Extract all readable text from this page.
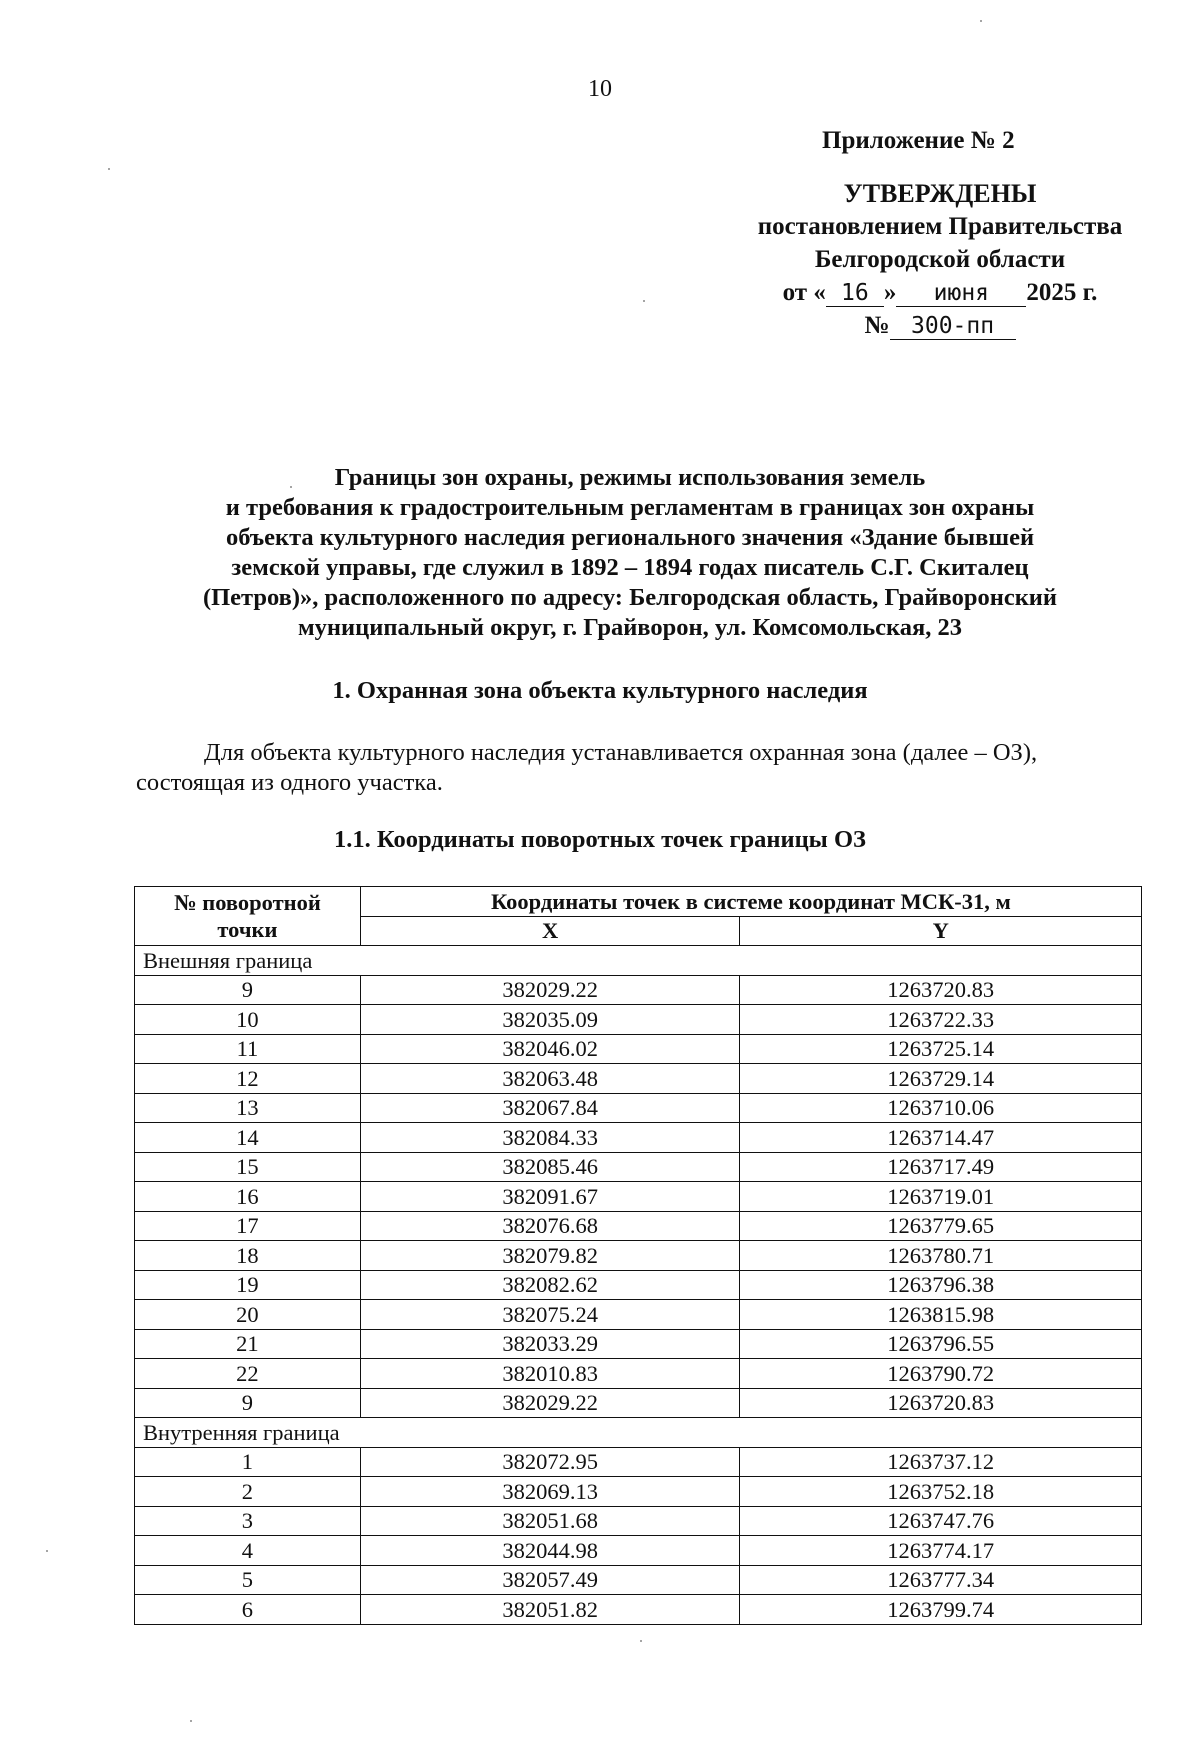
10
Приложение № 2
УТВЕРЖДЕНЫ
постановлением Правительства
Белгородской области
от « 16 » июня 2025 г.
№ 300-пп
Границы зон охраны, режимы использования земель
и требования к градостроительным регламентам в границах зон охраны
объекта культурного наследия регионального значения «Здание бывшей
земской управы, где служил в 1892 – 1894 годах писатель С.Г. Скиталец
(Петров)», расположенного по адресу: Белгородская область, Грайворонский
муниципальный округ, г. Грайворон, ул. Комсомольская, 23
1. Охранная зона объекта культурного наследия
Для объекта культурного наследия устанавливается охранная зона (далее – ОЗ),
состоящая из одного участка.
1.1. Координаты поворотных точек границы ОЗ
№ поворотной
точки	Координаты точек в системе координат МСК-31, м	
	X	Y
Внешняя граница		
9	382029.22	1263720.83
10	382035.09	1263722.33
11	382046.02	1263725.14
12	382063.48	1263729.14
13	382067.84	1263710.06
14	382084.33	1263714.47
15	382085.46	1263717.49
16	382091.67	1263719.01
17	382076.68	1263779.65
18	382079.82	1263780.71
19	382082.62	1263796.38
20	382075.24	1263815.98
21	382033.29	1263796.55
22	382010.83	1263790.72
9	382029.22	1263720.83
Внутренняя граница		
1	382072.95	1263737.12
2	382069.13	1263752.18
3	382051.68	1263747.76
4	382044.98	1263774.17
5	382057.49	1263777.34
6	382051.82	1263799.74
